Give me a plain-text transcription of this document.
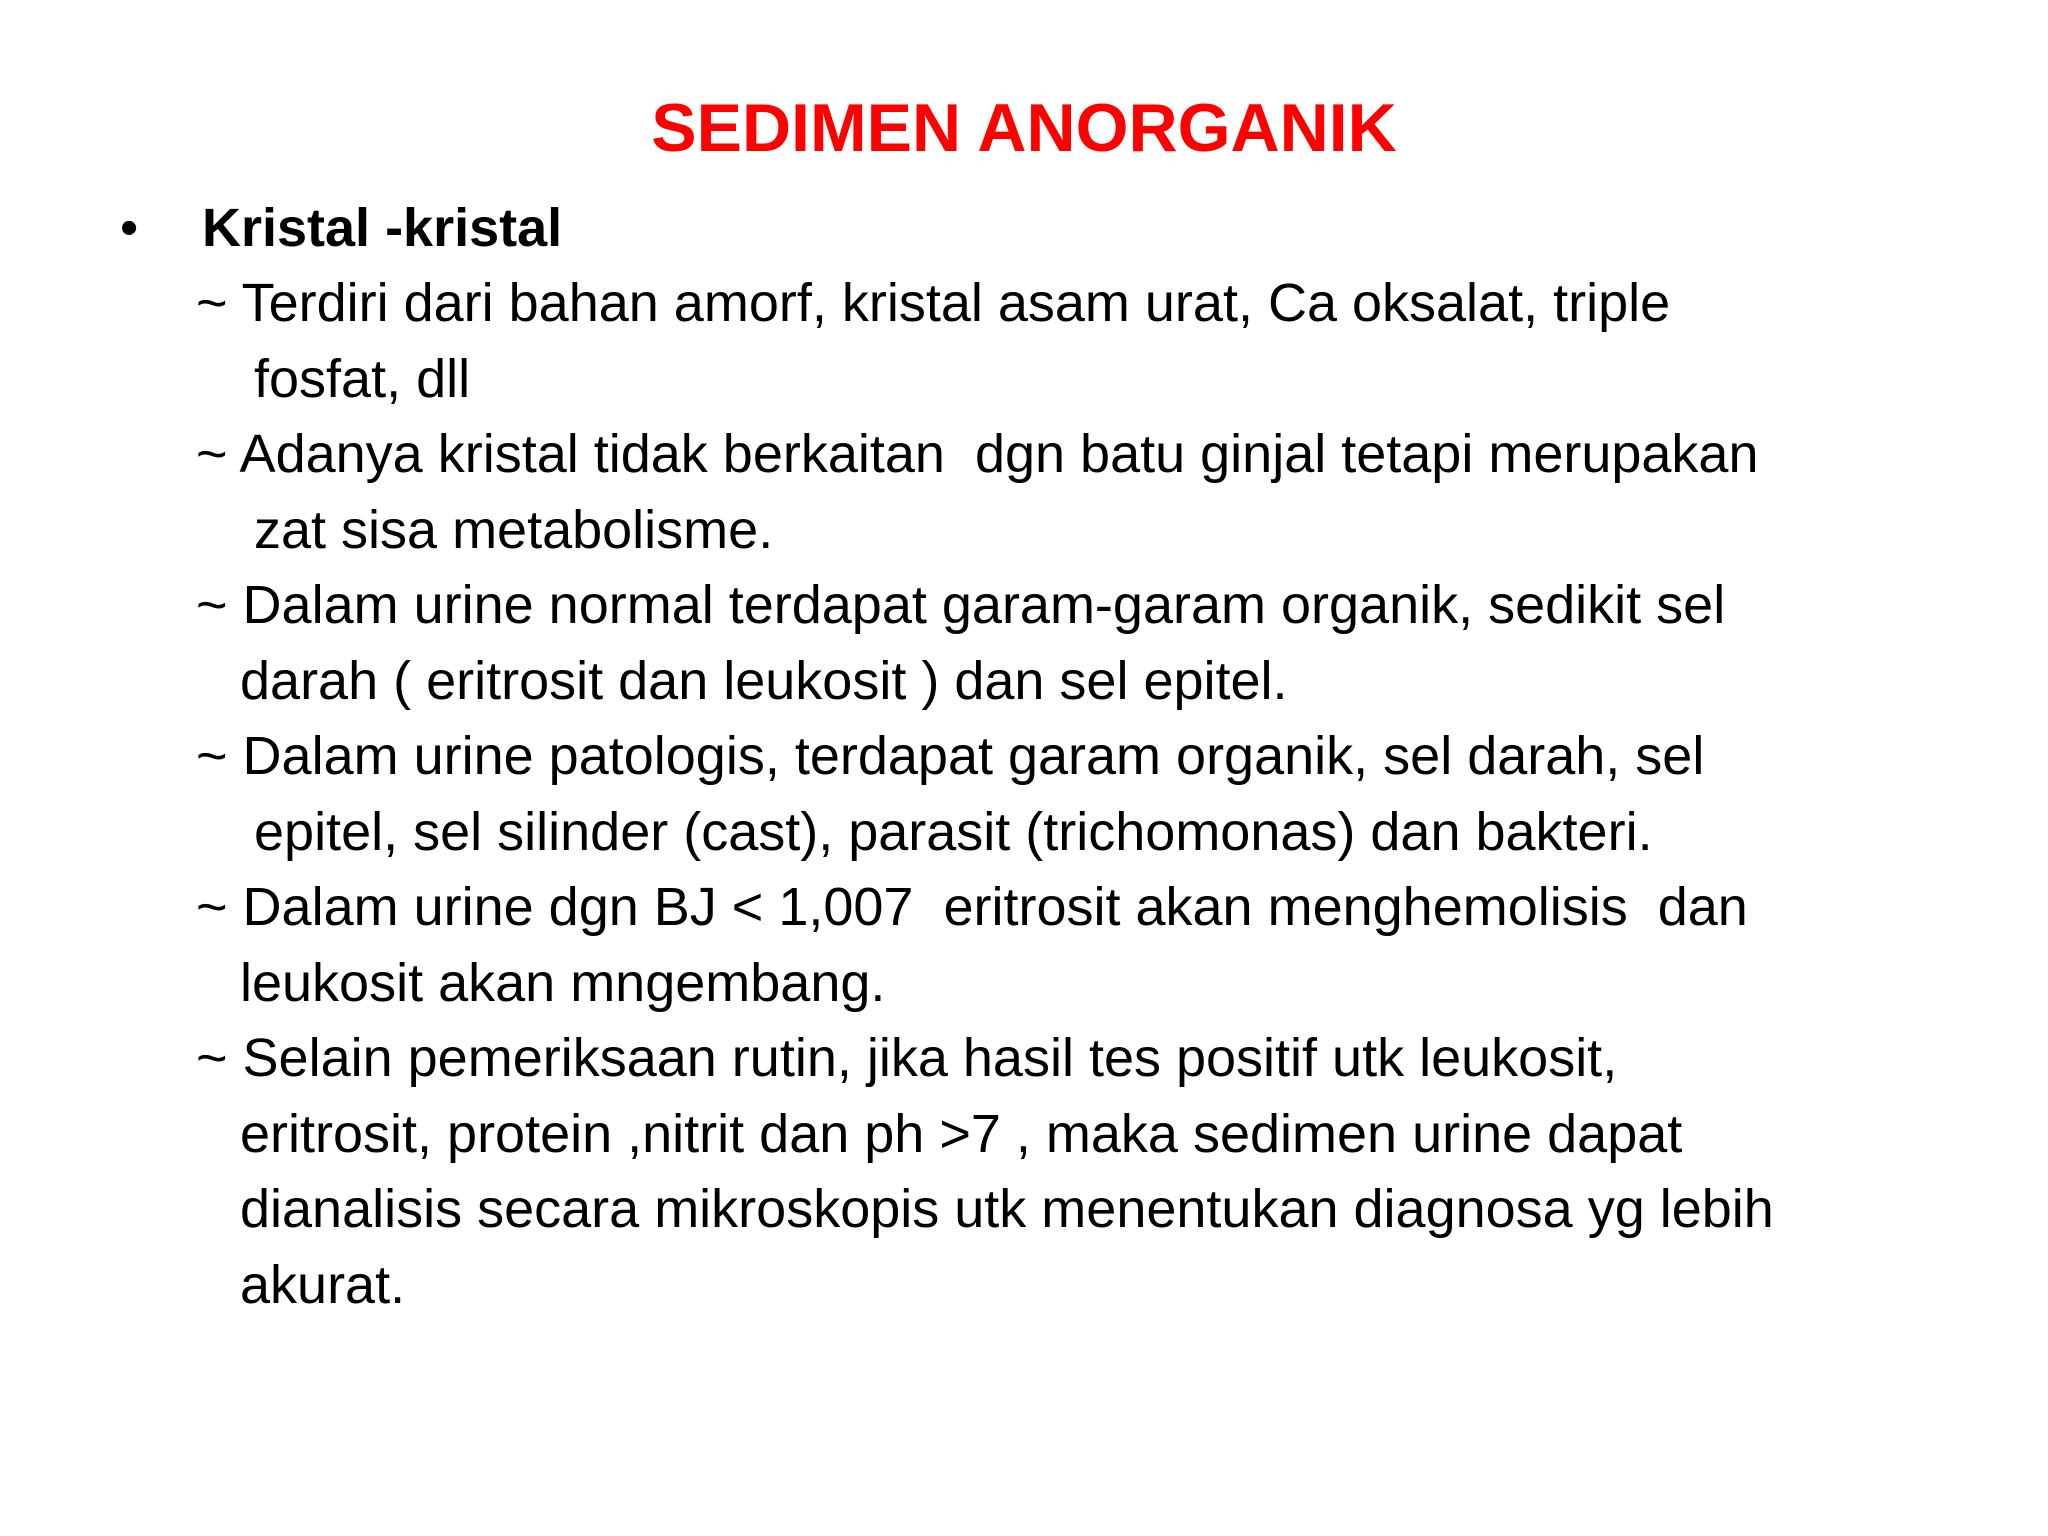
SEDIMEN ANORGANIK
•	Kristal -kristal
~ Terdiri dari bahan amorf, kristal asam urat, Ca oksalat, triple
fosfat, dll
~ Adanya kristal tidak berkaitan  dgn batu ginjal tetapi merupakan
zat sisa metabolisme.
~ Dalam urine normal terdapat garam-garam organik, sedikit sel
darah ( eritrosit dan leukosit ) dan sel epitel.
~ Dalam urine patologis, terdapat garam organik, sel darah, sel
epitel, sel silinder (cast), parasit (trichomonas) dan bakteri.
~ Dalam urine dgn BJ < 1,007  eritrosit akan menghemolisis  dan
leukosit akan mngembang.
~ Selain pemeriksaan rutin, jika hasil tes positif utk leukosit,
eritrosit, protein ,nitrit dan ph >7 , maka sedimen urine dapat
dianalisis secara mikroskopis utk menentukan diagnosa yg lebih
akurat.
